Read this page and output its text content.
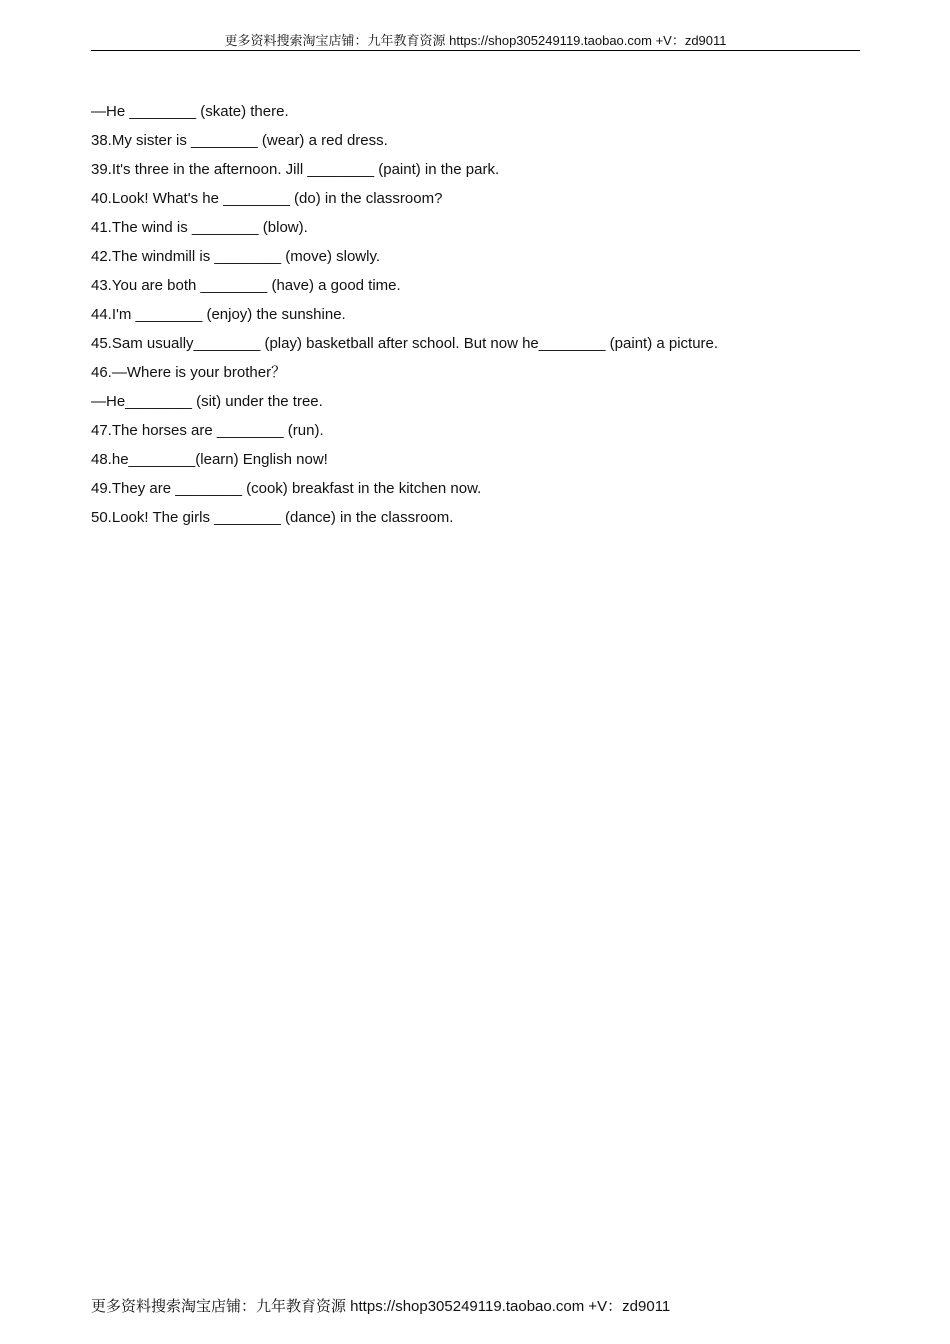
更多资料搜索淘宝店铺：九年教育资源 https://shop305249119.taobao.com +V：zd9011
—He ________ (skate) there.
38.My sister is ________ (wear) a red dress.
39.It's three in the afternoon. Jill ________ (paint) in the park.
40.Look! What's he ________ (do) in the classroom?
41.The wind is ________ (blow).
42.The windmill is ________ (move) slowly.
43.You are both ________ (have) a good time.
44.I'm ________ (enjoy) the sunshine.
45.Sam usually________ (play) basketball after school. But now he________ (paint) a picture.
46.—Where is your brother？
—He________ (sit) under the tree.
47.The horses are ________ (run).
48.he________(learn) English now!
49.They are ________ (cook) breakfast in the kitchen now.
50.Look! The girls ________ (dance) in the classroom.
更多资料搜索淘宝店铺：九年教育资源 https://shop305249119.taobao.com +V：zd9011
